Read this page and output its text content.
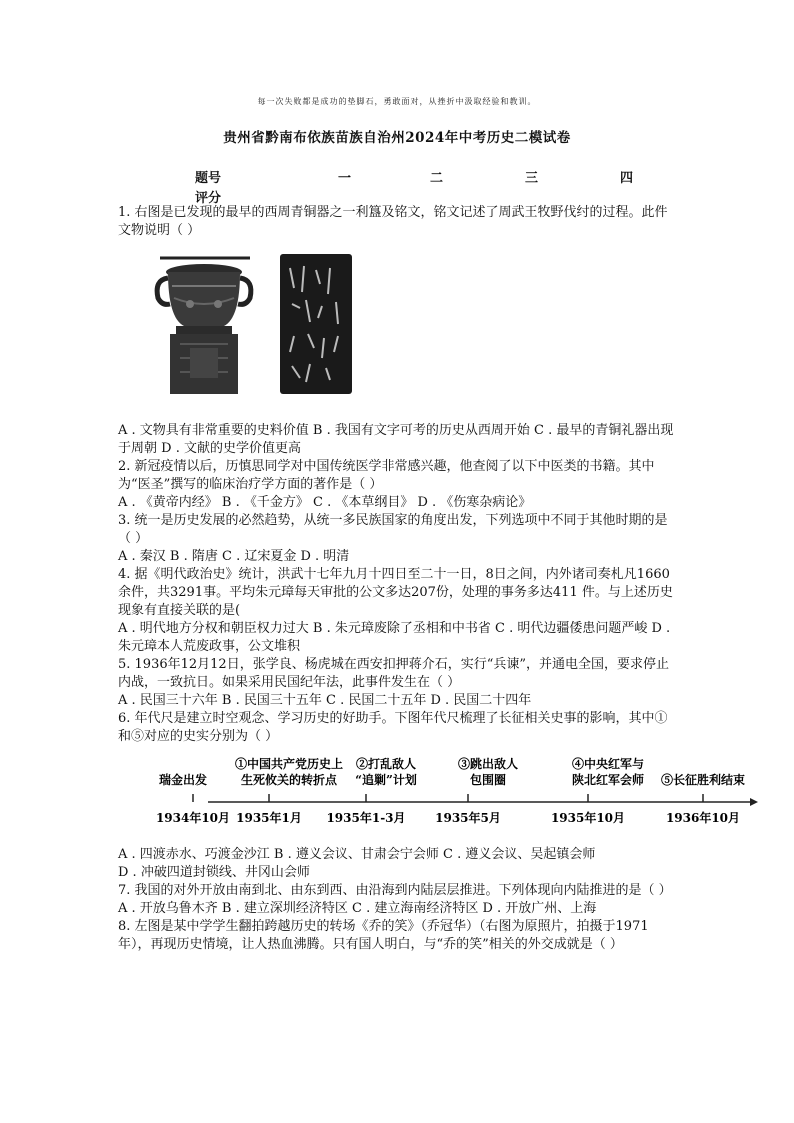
每一次失败都是成功的垫脚石，勇敢面对，从挫折中汲取经验和教训。
贵州省黔南布依族苗族自治州2024年中考历史二模试卷
题号	一	二	三	四
评分

1. 右图是已发现的最早的西周青铜器之一利簋及铭文，铭文记述了周武王牧野伐纣的过程。此件文物说明（ ）

A . 文物具有非常重要的史料价值 B . 我国有文字可考的历史从西周开始 C . 最早的青铜礼器出现于周朝 D . 文献的史学价值更高

2. 新冠疫情以后，历慎思同学对中国传统医学非常感兴趣，他查阅了以下中医类的书籍。其中为“医圣”撰写的临床治疗学方面的著作是（ ）

A . 《黄帝内经》 B . 《千金方》 C . 《本草纲目》 D . 《伤寒杂病论》

3. 统一是历史发展的必然趋势，从统一多民族国家的角度出发，下列选项中不同于其他时期的是（ ）

A . 秦汉 B . 隋唐 C . 辽宋夏金 D . 明清

4. 据《明代政治史》统计，洪武十七年九月十四日至二十一日，8日之间，内外诸司奏札凡1660余件，共3291事。平均朱元璋每天审批的公文多达207份，处理的事务多达411 件。与上述历史现象有直接关联的是(

A . 明代地方分权和朝臣权力过大 B . 朱元璋废除了丞相和中书省 C . 明代边疆倭患问题严峻 D . 朱元璋本人荒废政事，公文堆积

5. 1936年12月12日，张学良、杨虎城在西安扣押蒋介石，实行“兵谏”，并通电全国，要求停止内战，一致抗日。如果采用民国纪年法，此事件发生在（ ）

A . 民国三十六年 B . 民国三十五年 C . 民国二十五年 D . 民国二十四年

6. 年代尺是建立时空观念、学习历史的好助手。下图年代尺梳理了长征相关史事的影响，其中①和⑤对应的史实分别为（ ）

1934年10月
瑞金出发
1935年1月
①中国共产党历史上
生死攸关的转折点
1935年1-3月
②打乱敌人
“追剿”计划
1935年5月
③跳出敌人
包围圈
1935年10月
④中央红军与
陕北红军会师
1936年10月
⑤长征胜利结束

A . 四渡赤水、巧渡金沙江 B . 遵义会议、甘肃会宁会师 C . 遵义会议、吴起镇会师

D . 冲破四道封锁线、井冈山会师

7. 我国的对外开放由南到北、由东到西、由沿海到内陆层层推进。下列体现向内陆推进的是（ ）

A . 开放乌鲁木齐 B . 建立深圳经济特区 C . 建立海南经济特区 D . 开放广州、上海

8. 左图是某中学学生翻拍跨越历史的转场《乔的笑》（乔冠华）（右图为原照片，拍摄于1971年），再现历史情境，让人热血沸腾。只有国人明白，与“乔的笑”相关的外交成就是（ ）
